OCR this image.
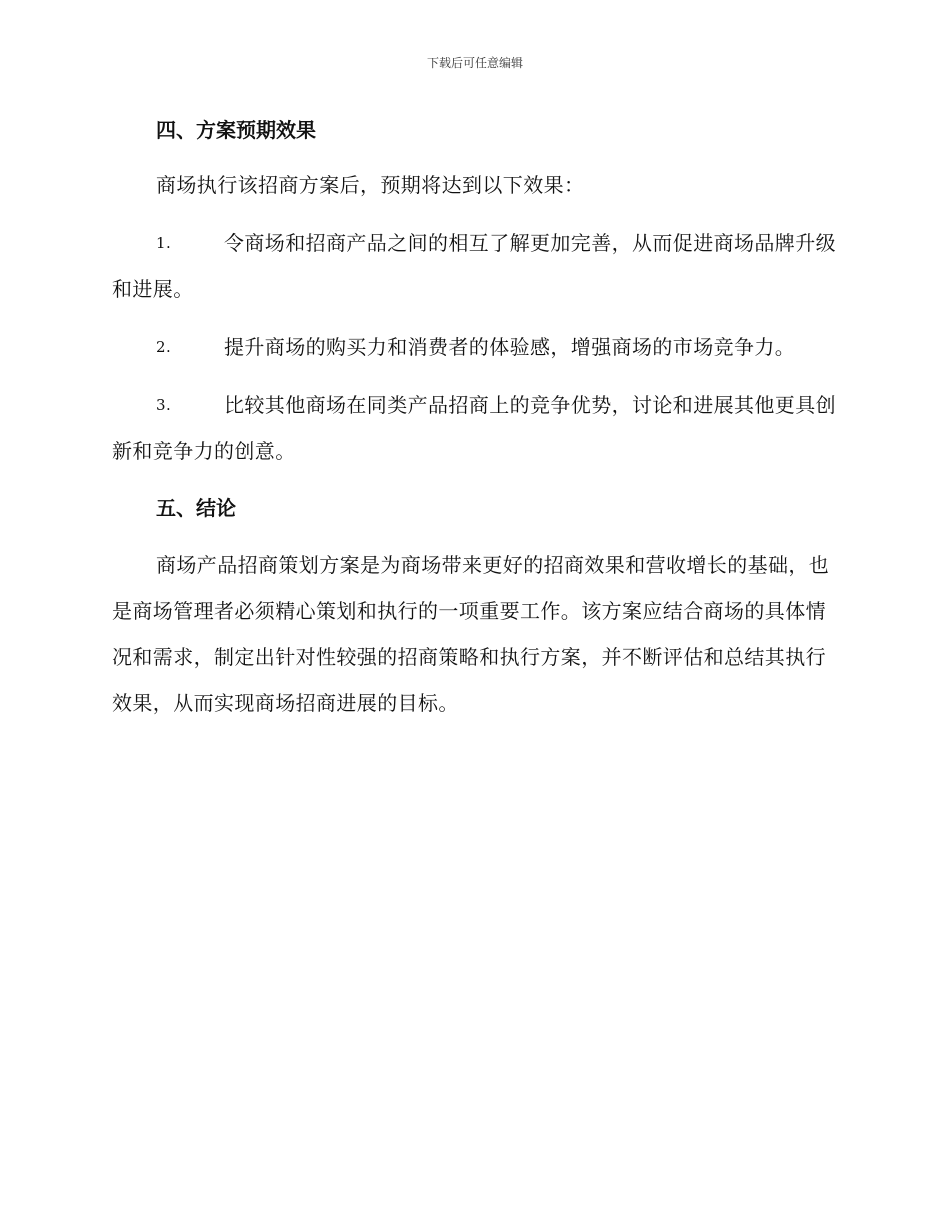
下载后可任意编辑
四、方案预期效果

商场执行该招商方案后，预期将达到以下效果：

1.	令商场和招商产品之间的相互了解更加完善，从而促进商场品牌升级和进展。

2.	提升商场的购买力和消费者的体验感，增强商场的市场竞争力。

3.	比较其他商场在同类产品招商上的竞争优势，讨论和进展其他更具创新和竞争力的创意。

五、结论

商场产品招商策划方案是为商场带来更好的招商效果和营收增长的基础，也是商场管理者必须精心策划和执行的一项重要工作。该方案应结合商场的具体情况和需求，制定出针对性较强的招商策略和执行方案，并不断评估和总结其执行效果，从而实现商场招商进展的目标。
